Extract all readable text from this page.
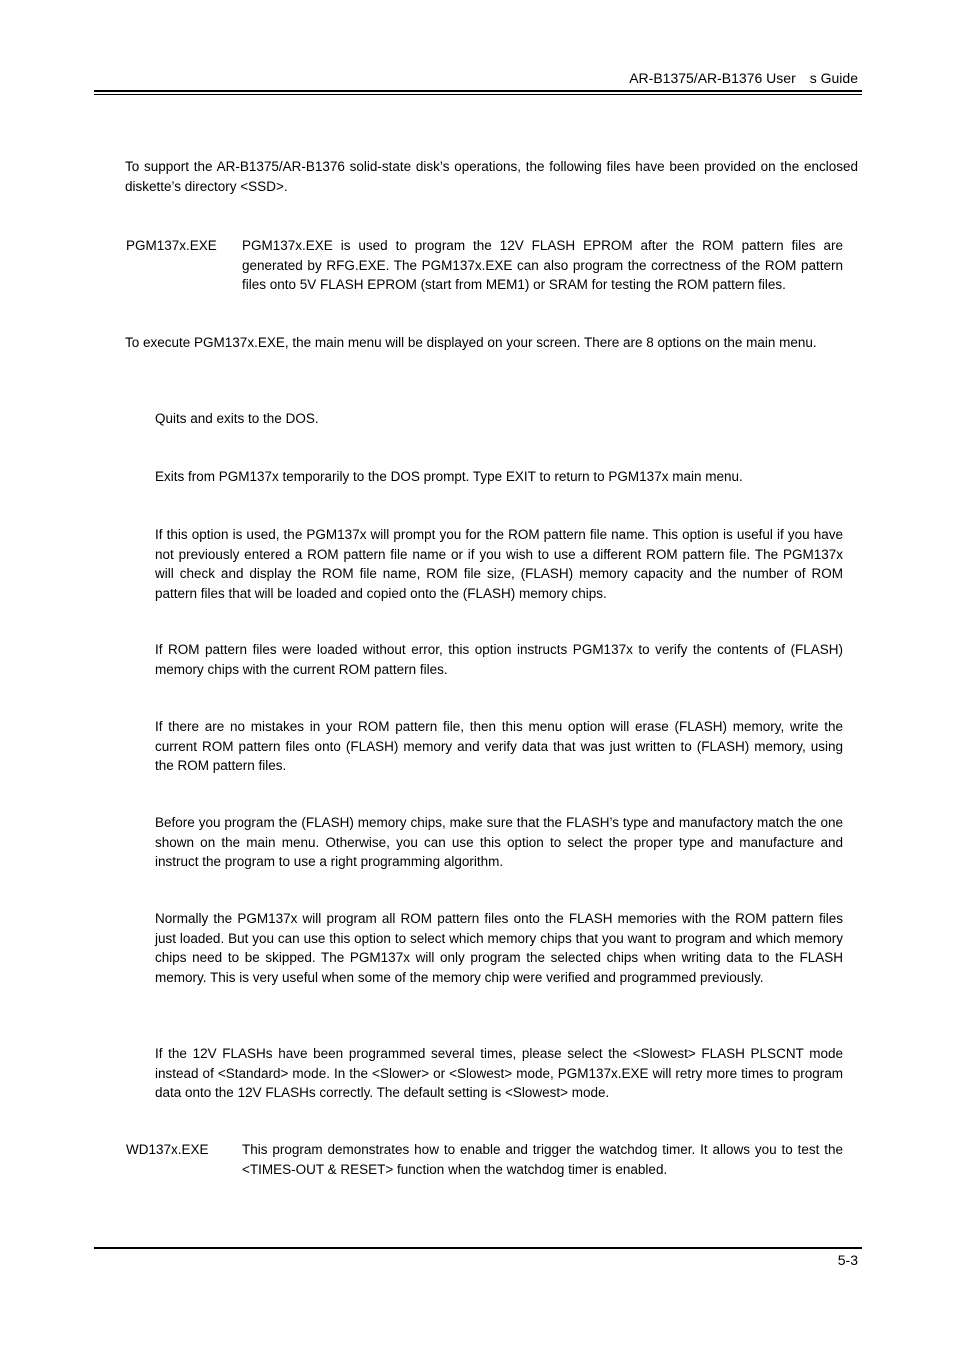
AR-B1375/AR-B1376 User　s Guide
To support the AR-B1375/AR-B1376 solid-state disk’s operations, the following files have been provided on the enclosed diskette’s directory <SSD>.
PGM137x.EXE PGM137x.EXE is used to program the 12V FLASH EPROM after the ROM pattern files are generated by RFG.EXE. The PGM137x.EXE can also program the correctness of the ROM pattern files onto 5V FLASH EPROM (start from MEM1) or SRAM for testing the ROM pattern files.
To execute PGM137x.EXE, the main menu will be displayed on your screen. There are 8 options on the main menu.
Quits and exits to the DOS.
Exits from PGM137x temporarily to the DOS prompt. Type EXIT to return to PGM137x main menu.
If this option is used, the PGM137x will prompt you for the ROM pattern file name. This option is useful if you have not previously entered a ROM pattern file name or if you wish to use a different ROM pattern file. The PGM137x will check and display the ROM file name, ROM file size, (FLASH) memory capacity and the number of ROM pattern files that will be loaded and copied onto the (FLASH) memory chips.
If ROM pattern files were loaded without error, this option instructs PGM137x to verify the contents of (FLASH) memory chips with the current ROM pattern files.
If there are no mistakes in your ROM pattern file, then this menu option will erase (FLASH) memory, write the current ROM pattern files onto (FLASH) memory and verify data that was just written to (FLASH) memory, using the ROM pattern files.
Before you program the (FLASH) memory chips, make sure that the FLASH’s type and manufactory match the one shown on the main menu. Otherwise, you can use this option to select the proper type and manufacture and instruct the program to use a right programming algorithm.
Normally the PGM137x will program all ROM pattern files onto the FLASH memories with the ROM pattern files just loaded. But you can use this option to select which memory chips that you want to program and which memory chips need to be skipped. The PGM137x will only program the selected chips when writing data to the FLASH memory. This is very useful when some of the memory chip were verified and programmed previously.
If the 12V FLASHs have been programmed several times, please select the <Slowest> FLASH PLSCNT mode instead of <Standard> mode. In the <Slower> or <Slowest> mode, PGM137x.EXE will retry more times to program data onto the 12V FLASHs correctly. The default setting is <Slowest> mode.
WD137x.EXE This program demonstrates how to enable and trigger the watchdog timer. It allows you to test the <TIMES-OUT & RESET> function when the watchdog timer is enabled.
5-3
